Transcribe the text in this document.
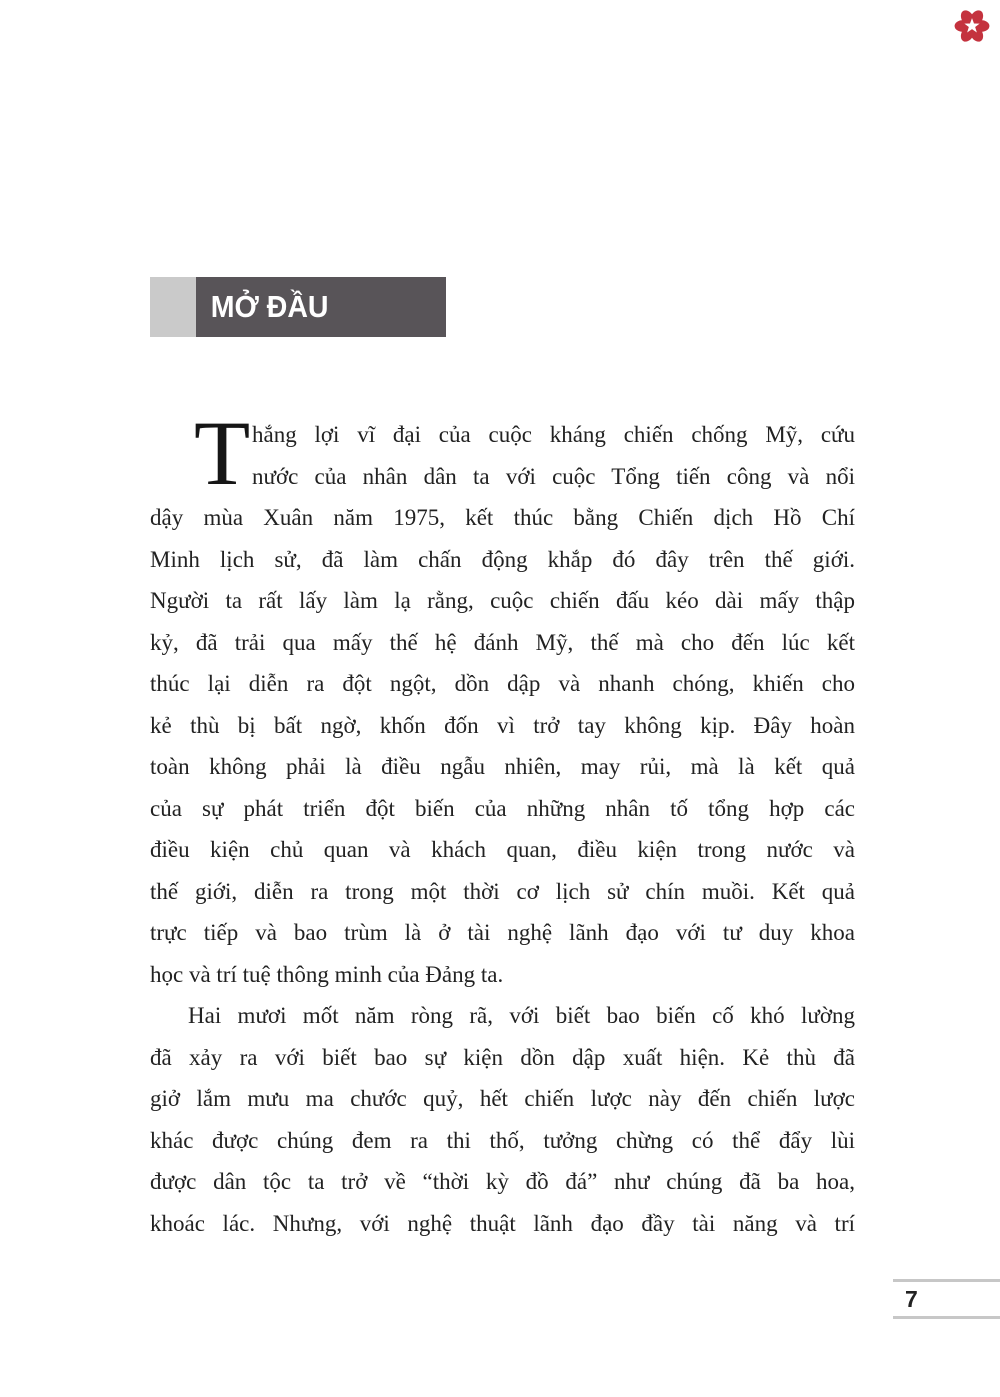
MỞ ĐẦU
T hắng lợi vĩ đại của cuộc kháng chiến chống Mỹ, cứu
nước của nhân dân ta với cuộc Tổng tiến công và nổi
dậy mùa Xuân năm 1975, kết thúc bằng Chiến dịch Hồ Chí
Minh lịch sử, đã làm chấn động khắp đó đây trên thế giới.
Người ta rất lấy làm lạ rằng, cuộc chiến đấu kéo dài mấy thập
kỷ, đã trải qua mấy thế hệ đánh Mỹ, thế mà cho đến lúc kết
thúc lại diễn ra đột ngột, dồn dập và nhanh chóng, khiến cho
kẻ thù bị bất ngờ, khốn đốn vì trở tay không kịp. Đây hoàn
toàn không phải là điều ngẫu nhiên, may rủi, mà là kết quả
của sự phát triển đột biến của những nhân tố tổng hợp các
điều kiện chủ quan và khách quan, điều kiện trong nước và
thế giới, diễn ra trong một thời cơ lịch sử chín muồi. Kết quả
trực tiếp và bao trùm là ở tài nghệ lãnh đạo với tư duy khoa
học và trí tuệ thông minh của Đảng ta.
Hai mươi mốt năm ròng rã, với biết bao biến cố khó lường
đã xảy ra với biết bao sự kiện dồn dập xuất hiện. Kẻ thù đã
giở lắm mưu ma chước quỷ, hết chiến lược này đến chiến lược
khác được chúng đem ra thi thố, tưởng chừng có thể đẩy lùi
được dân tộc ta trở về “thời kỳ đồ đá” như chúng đã ba hoa,
khoác lác. Nhưng, với nghệ thuật lãnh đạo đầy tài năng và trí
7
